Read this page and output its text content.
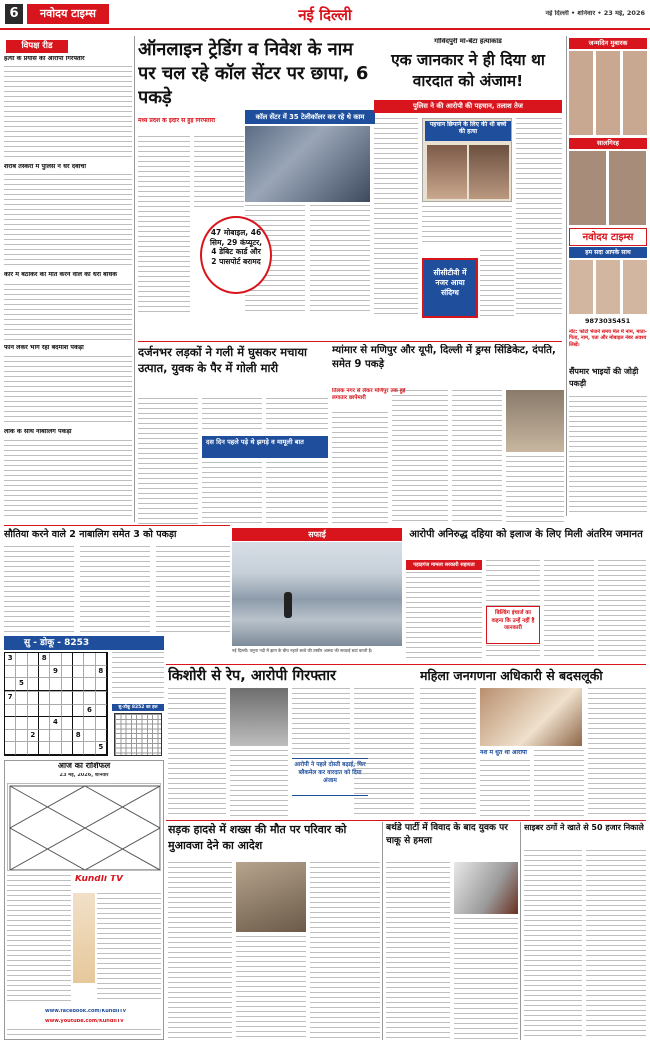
6	नवोदय टाइम्स	नई दिल्ली	नई दिल्ली • शनिवार • 23 मई, 2026
विपक्ष रीड
हत्या के प्रयास का आरोपी गिरफ्तार
शराब तस्करों में पुलिस ने धर दबोचा
कार में बैठाकर की मौत करने वाले को धरा बोधक
फोन लेकर भाग रहा बदमाश पकड़ा
लोक के साथ नाबालिग पकड़ा
ऑनलाइन ट्रेडिंग व निवेश के नाम पर चल रहे कॉल सेंटर पर छापा, 6 पकड़े
मध्य प्रदेश के इंदौर से हुई गिरफ्तारी	कॉल सेंटर में 35 टेलीकॉलर कर रहे थे काम
47 मोबाइल, 46 सिम, 29 कंप्यूटर, 4 डेबिट कार्ड और 2 पासपोर्ट बरामद
गोविंदपुरी मां-बेटा हत्याकांड
एक जानकार ने ही दिया था वारदात को अंजाम!
पुलिस ने की आरोपी की पहचान, तलाश तेज
पहचान छिपाने के लिए की थी बच्चे की हत्या
सीसीटीवी में नजर आया संदिग्ध
जन्मदिन मुबारक
सालगिरह
नवोदय टाइम्स
हम सदा आपके साथ
9873035451
नोट: फोटो भेजने समय मेल में नाम, माता-पिता, नाम, पता और मोबाइल नंबर अवश्य लिखें।
सैंपमार भाइयों की जोड़ी पकड़ी
दर्जनभर लड़कों ने गली में घुसकर मचाया उत्पात, युवक के पैर में गोली मारी
दस दिन पहले पड़े थे झगड़े व मामूली बात
म्यांमार से मणिपुर और यूपी, दिल्ली में ड्रग्स सिंडिकेट, दंपति, समेत 9 पकड़े
तिलक नगर से लेकर मणिपुर तक हुई लगातार छापेमारी
सौतिया करने वाले 2 नाबालिग समेत 3 को पकड़ा
सु - डोकू - 8253
3	8
9	8
5
7
6
4
2	8
5
सु-डोकू 8252 का हल
आज का राशिफल
23 मई, 2026, शनिवार
Kundli TV
www.facebook.com/KundliTv
www.youtube.com/KundliTv
सफाई
नई दिल्ली। यमुना नदी में झाग के बीच नहाते बच्चे की तस्वीर आस्था की सच्चाई बयां करती है।
आरोपी अनिरुद्ध दहिया को इलाज के लिए मिली अंतरिम जमानत
पहाड़गंज मामला सरकारी सहायता
बिल्डिंग इंचार्ज का कहना कि उन्हें नहीं है जानकारी
किशोरी से रेप, आरोपी गिरफ्तार
आरोपी ने पहले दोस्ती बढ़ाई, फिर ब्लैकमेल कर वारदात को दिया अंजाम
महिला जनगणना अधिकारी से बदसलूकी
नशे में धुत था आरोपी
सड़क हादसे में शख्स की मौत पर परिवार को मुआवजा देने का आदेश
बर्थडे पार्टी में विवाद के बाद युवक पर चाकू से हमला
साइबर ठगों ने खाते से 50 हजार निकाले
